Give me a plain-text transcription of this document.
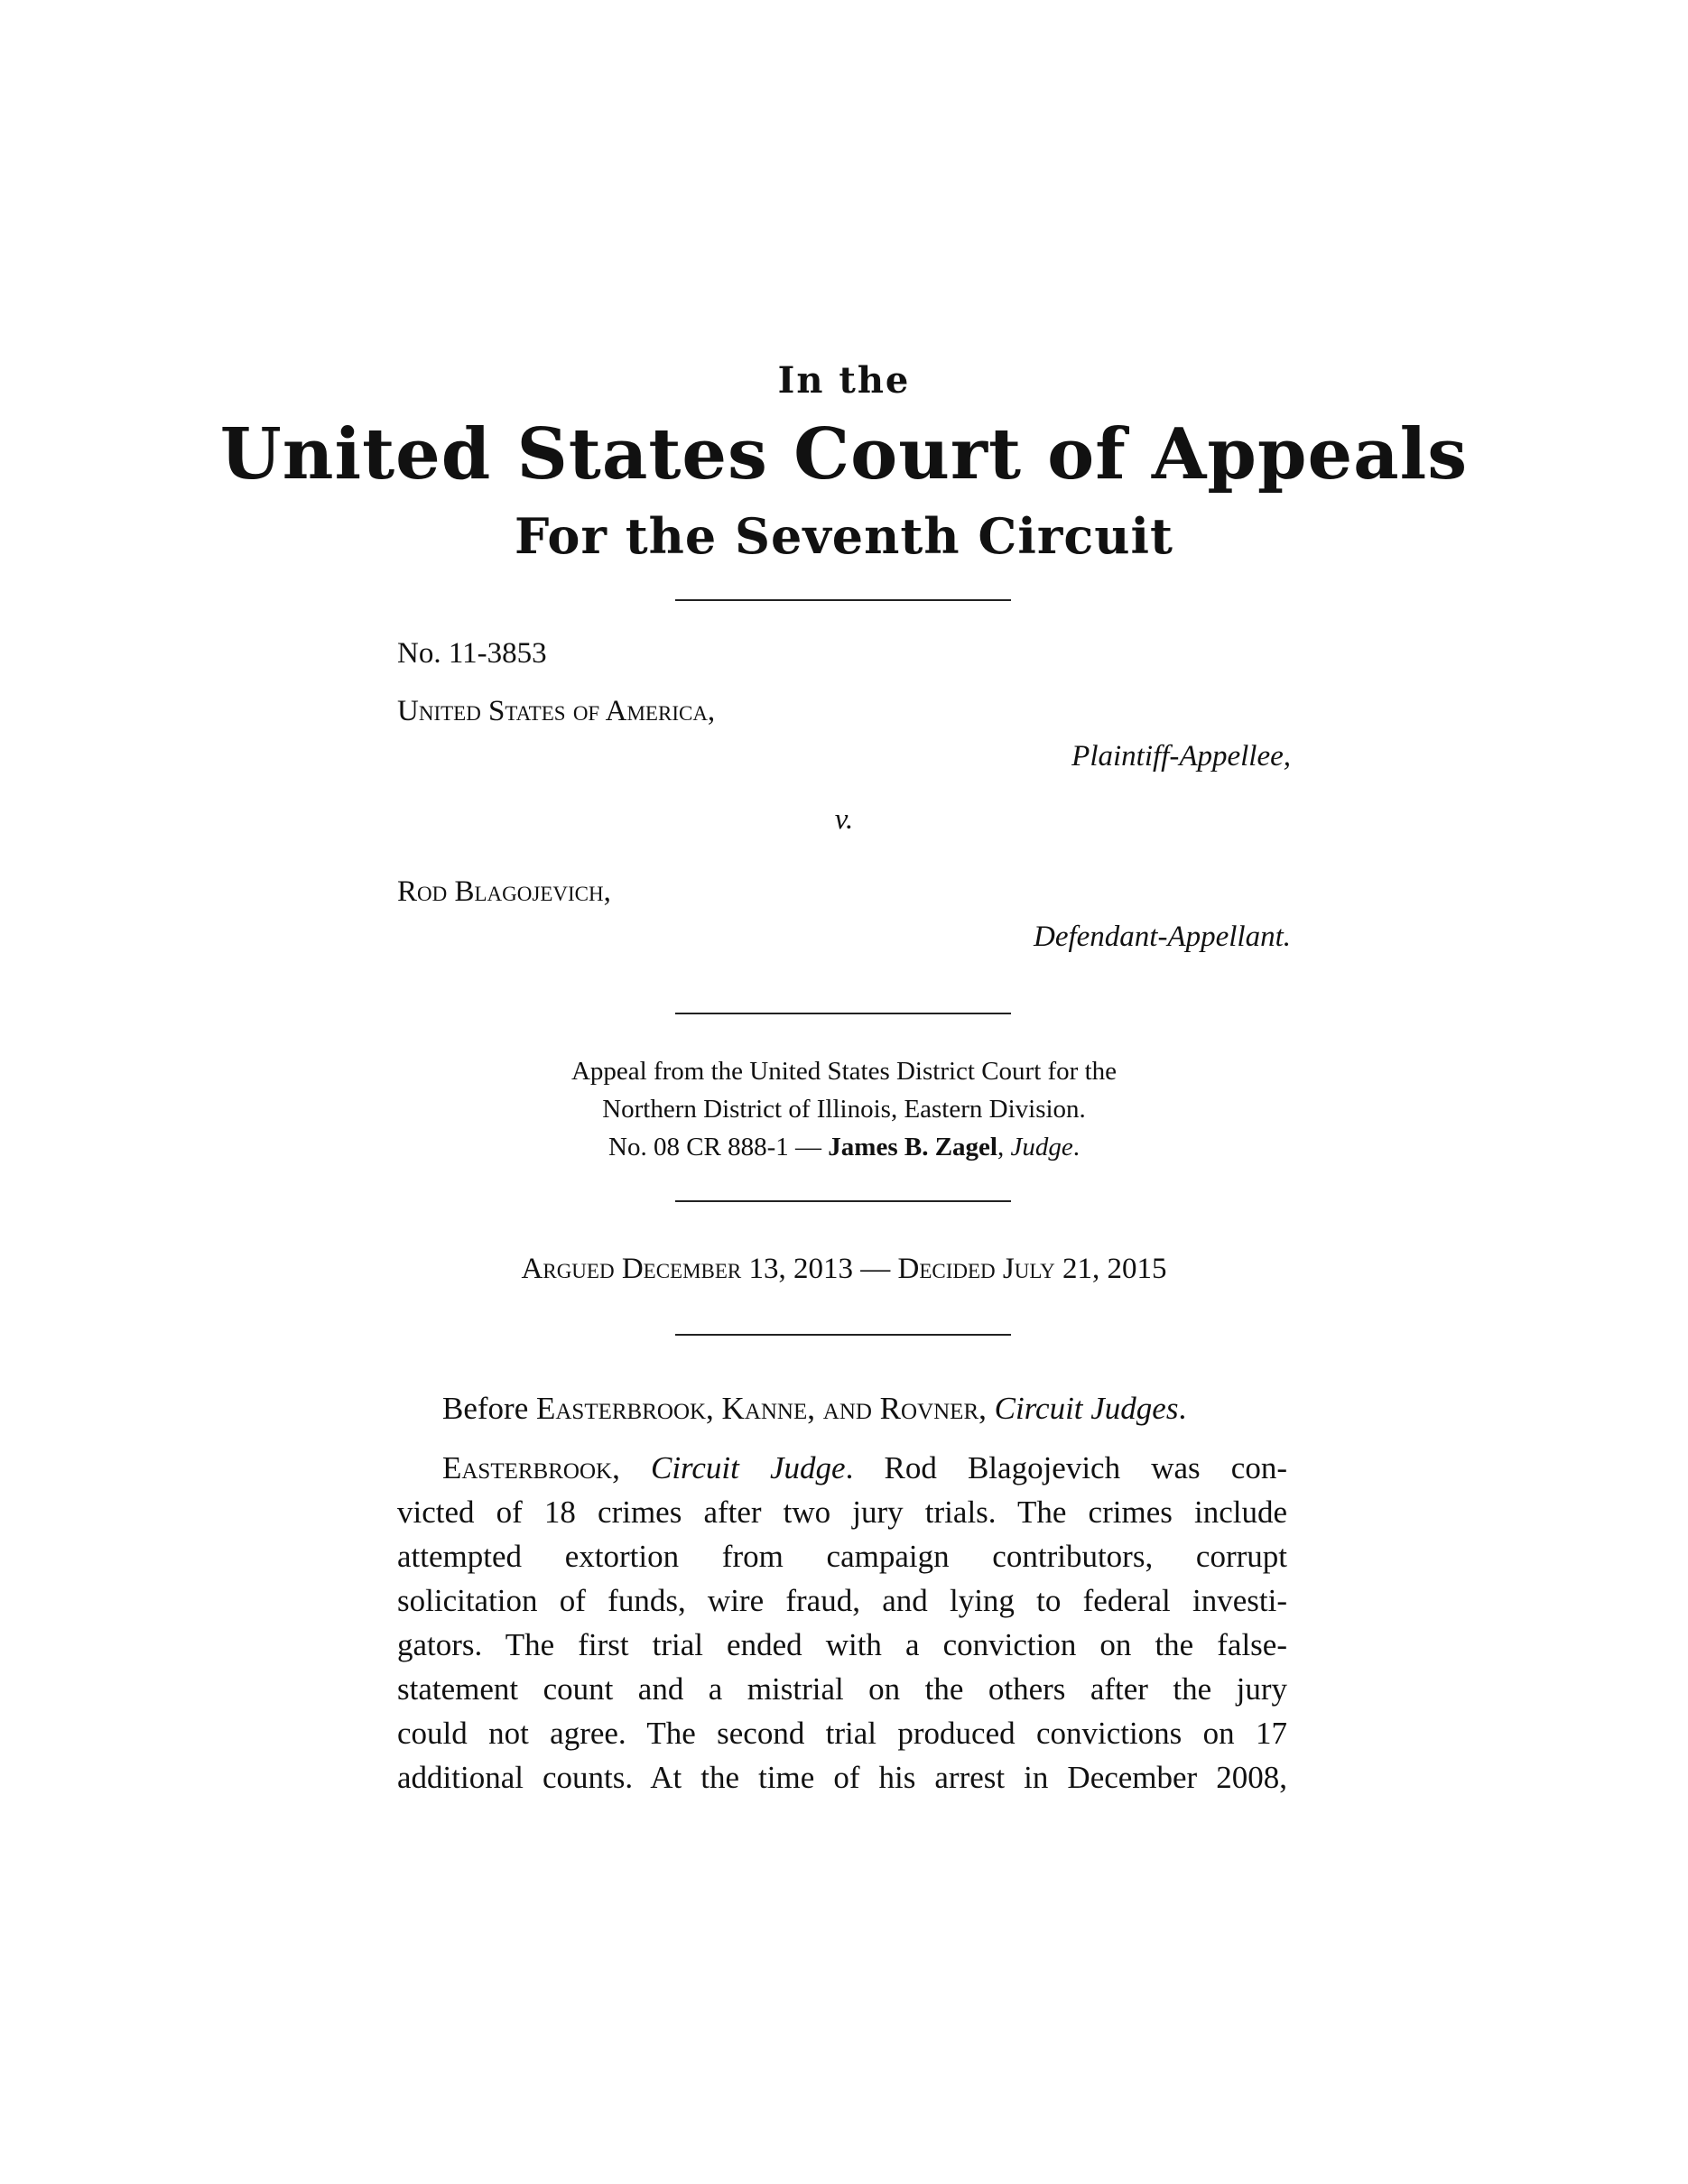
In the
United States Court of Appeals
For the Seventh Circuit
No. 11-3853
United States of America,
Plaintiff-Appellee,
v.
Rod Blagojevich,
Defendant-Appellant.
Appeal from the United States District Court for the
Northern District of Illinois, Eastern Division.
No. 08 CR 888-1 — James B. Zagel, Judge.
Argued December 13, 2013 — Decided July 21, 2015
Before Easterbrook, Kanne, and Rovner, Circuit Judges.
Easterbrook, Circuit Judge. Rod Blagojevich was con-
victed of 18 crimes after two jury trials. The crimes include
attempted extortion from campaign contributors, corrupt
solicitation of funds, wire fraud, and lying to federal investi-
gators. The first trial ended with a conviction on the false-
statement count and a mistrial on the others after the jury
could not agree. The second trial produced convictions on 17
additional counts. At the time of his arrest in December 2008,
